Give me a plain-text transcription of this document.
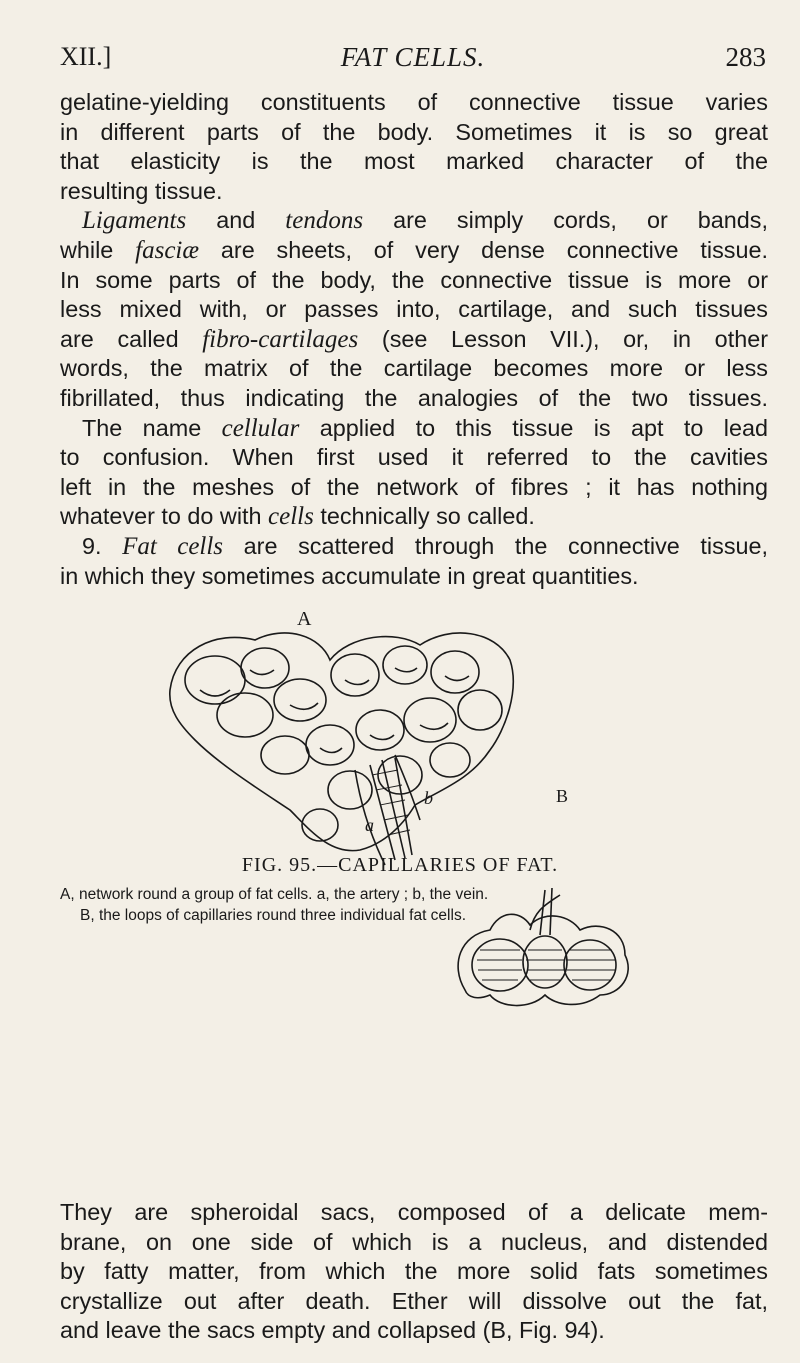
XII.]	FAT CELLS.	283
gelatine-yielding constituents of connective tissue varies
in different parts of the body. Sometimes it is so great
that elasticity is the most marked character of the
resulting tissue.
Ligaments and tendons are simply cords, or bands,
while fasciæ are sheets, of very dense connective tissue.
In some parts of the body, the connective tissue is more or
less mixed with, or passes into, cartilage, and such tissues
are called fibro-cartilages (see Lesson VII.), or, in other
words, the matrix of the cartilage becomes more or less
fibrillated, thus indicating the analogies of the two tissues.
The name cellular applied to this tissue is apt to lead
to confusion. When first used it referred to the cavities
left in the meshes of the network of fibres ; it has nothing
whatever to do with cells technically so called.
9. Fat cells are scattered through the connective tissue,
in which they sometimes accumulate in great quantities.
A
B
a
b
FIG. 95.—CAPILLARIES OF FAT.
A, network round a group of fat cells. a, the artery ; b, the vein.
B, the loops of capillaries round three individual fat cells.
They are spheroidal sacs, composed of a delicate mem-
brane, on one side of which is a nucleus, and distended
by fatty matter, from which the more solid fats sometimes
crystallize out after death. Ether will dissolve out the fat,
and leave the sacs empty and collapsed (B, Fig. 94).
